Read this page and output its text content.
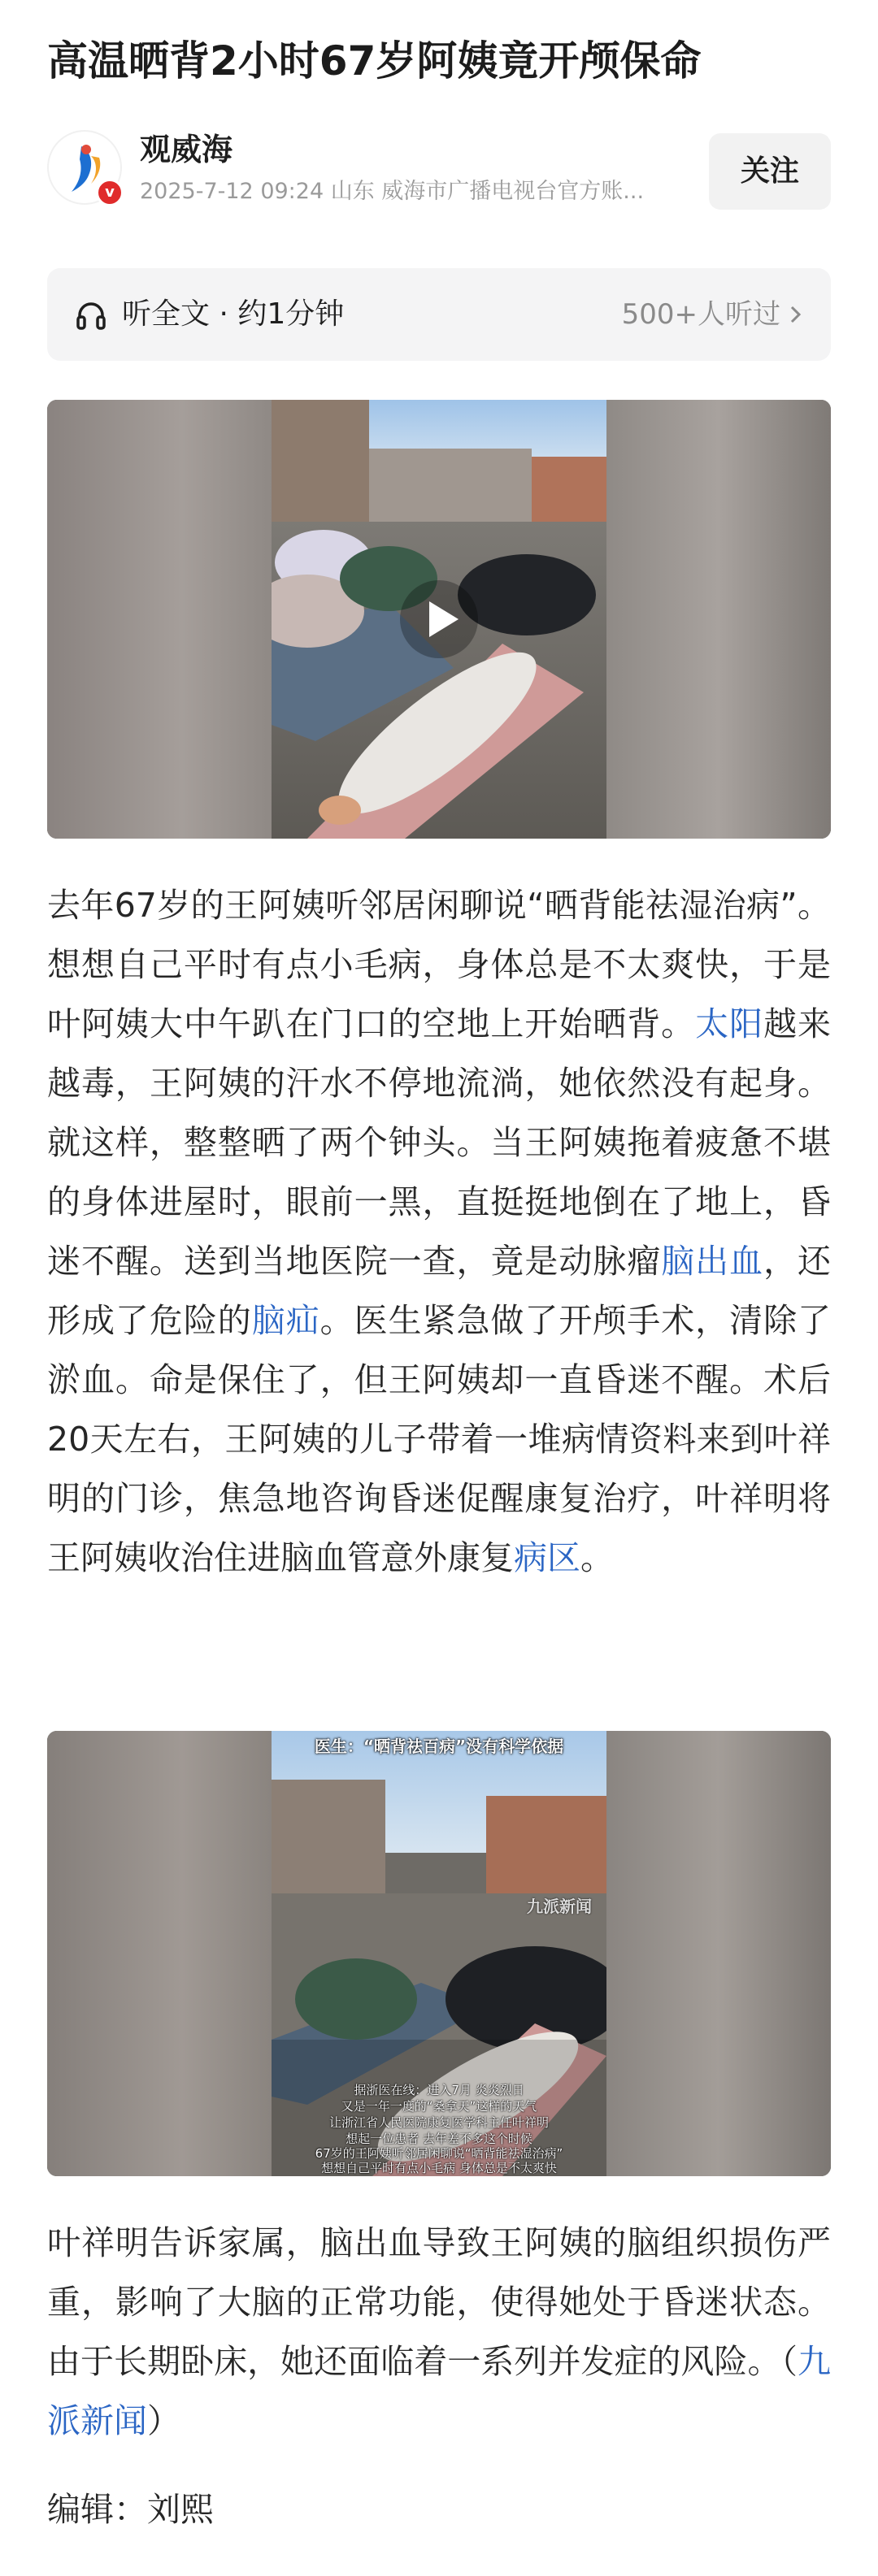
高温晒背2小时67岁阿姨竟开颅保命
v
观威海
2025-7-12 09:24 山东 威海市广播电视台官方账...
关注
听全文 · 约1分钟	500+人听过
去年67岁的王阿姨听邻居闲聊说“晒背能祛湿治病”。想想自己平时有点小毛病，身体总是不太爽快，于是叶阿姨大中午趴在门口的空地上开始晒背。太阳越来越毒，王阿姨的汗水不停地流淌，她依然没有起身。就这样，整整晒了两个钟头。当王阿姨拖着疲惫不堪的身体进屋时，眼前一黑，直挺挺地倒在了地上，昏迷不醒。送到当地医院一查，竟是动脉瘤脑出血，还形成了危险的脑疝。医生紧急做了开颅手术，清除了淤血。命是保住了，但王阿姨却一直昏迷不醒。术后20天左右，王阿姨的儿子带着一堆病情资料来到叶祥明的门诊，焦急地咨询昏迷促醒康复治疗，叶祥明将王阿姨收治住进脑血管意外康复病区。
医生：“晒背祛百病”没有科学依据
九派新闻
据浙医在线：进入7月 炎炎烈日
又是一年一度的“桑拿天”这样的天气
让浙江省人民医院康复医学科主任叶祥明
想起一位患者 去年差不多这个时候
67岁的王阿姨听邻居闲聊说“晒背能祛湿治病”
想想自己平时有点小毛病 身体总是不太爽快
叶祥明告诉家属，脑出血导致王阿姨的脑组织损伤严重，影响了大脑的正常功能，使得她处于昏迷状态。由于长期卧床，她还面临着一系列并发症的风险。（九派新闻）
编辑：刘熙
